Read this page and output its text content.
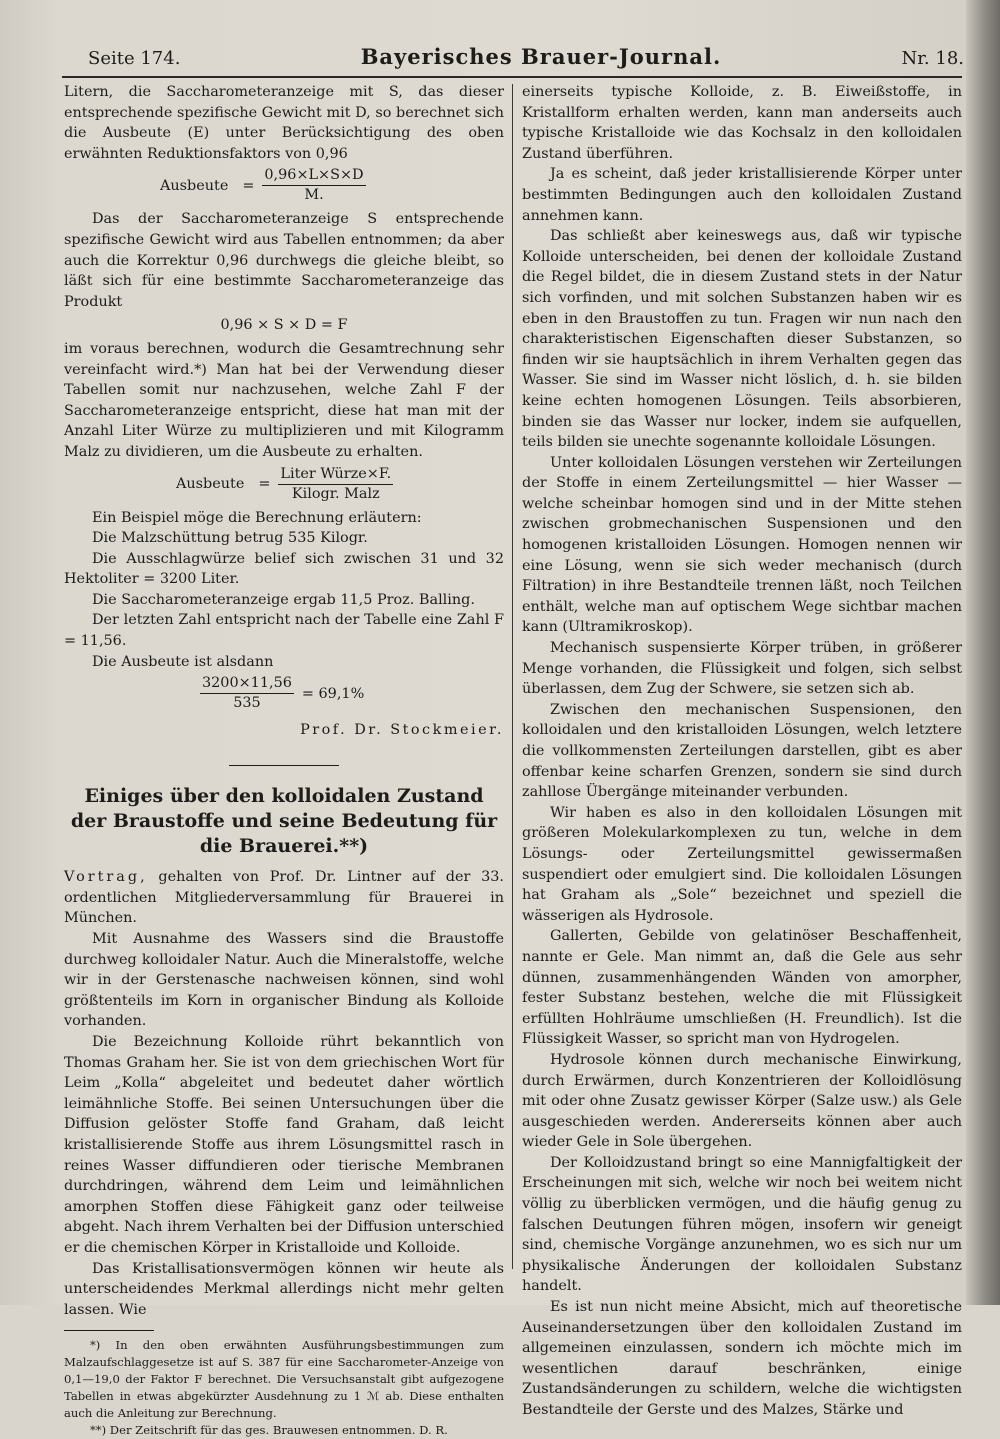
Seite 174.	Bayerisches Brauer-Journal.	Nr. 18.

Litern, die Saccharometeranzeige mit S, das dieser entsprechende spezifische Gewicht mit D, so berechnet sich die Ausbeute (E) unter Berücksichtigung des oben erwähnten Reduktionsfaktors von 0,96

Ausbeute = $\frac{0,96\times L\times S\times D}{M.}$

Das der Saccharometeranzeige S entsprechende spezifische Gewicht wird aus Tabellen entnommen; da aber auch die Korrektur 0,96 durchwegs die gleiche bleibt, so läßt sich für eine bestimmte Saccharometeranzeige das Produkt

0,96 × S × D = F

im voraus berechnen, wodurch die Gesamtrechnung sehr vereinfacht wird.*) Man hat bei der Verwendung dieser Tabellen somit nur nachzusehen, welche Zahl F der Saccharometeranzeige entspricht, diese hat man mit der Anzahl Liter Würze zu multiplizieren und mit Kilogramm Malz zu dividieren, um die Ausbeute zu erhalten.

Ausbeute = $\frac{\text{Liter Würze×F.}}{\text{Kilogr. Malz}}$

Ein Beispiel möge die Berechnung erläutern:

Die Malzschüttung betrug 535 Kilogr.

Die Ausschlagwürze belief sich zwischen 31 und 32 Hektoliter = 3200 Liter.

Die Saccharometeranzeige ergab 11,5 Proz. Balling.

Der letzten Zahl entspricht nach der Tabelle eine Zahl F = 11,56.

Die Ausbeute ist alsdann

$\frac{3200\times 11,56}{535} = 69,1\%$
Prof. Dr. Stockmeier.
Einiges über den kolloidalen Zustand der Braustoffe und seine Bedeutung für die Brauerei.**)

Vortrag, gehalten von Prof. Dr. Lintner auf der 33. ordentlichen Mitgliederversammlung für Brauerei in München.

Mit Ausnahme des Wassers sind die Braustoffe durchweg kolloidaler Natur. Auch die Mineralstoffe, welche wir in der Gerstenasche nachweisen können, sind wohl größtenteils im Korn in organischer Bindung als Kolloide vorhanden.

Die Bezeichnung Kolloide rührt bekanntlich von Thomas Graham her. Sie ist von dem griechischen Wort für Leim „Kolla“ abgeleitet und bedeutet daher wörtlich leimähnliche Stoffe. Bei seinen Untersuchungen über die Diffusion gelöster Stoffe fand Graham, daß leicht kristallisierende Stoffe aus ihrem Lösungsmittel rasch in reines Wasser diffundieren oder tierische Membranen durchdringen, während dem Leim und leimähnlichen amorphen Stoffen diese Fähigkeit ganz oder teilweise abgeht. Nach ihrem Verhalten bei der Diffusion unterschied er die chemischen Körper in Kristalloide und Kolloide.

Das Kristallisationsvermögen können wir heute als unterscheidendes Merkmal allerdings nicht mehr gelten lassen. Wie

*) In den oben erwähnten Ausführungsbestimmungen zum Malzaufschlaggesetze ist auf S. 387 für eine Saccharometer-Anzeige von 0,1—19,0 der Faktor F berechnet. Die Versuchsanstalt gibt aufgezogene Tabellen in etwas abgekürzter Ausdehnung zu 1 ℳ ab. Diese enthalten auch die Anleitung zur Berechnung.

**) Der Zeitschrift für das ges. Brauwesen entnommen. D. R.

einerseits typische Kolloide, z. B. Eiweißstoffe, in Kristallform erhalten werden, kann man anderseits auch typische Kristalloide wie das Kochsalz in den kolloidalen Zustand überführen.

Ja es scheint, daß jeder kristallisierende Körper unter bestimmten Bedingungen auch den kolloidalen Zustand annehmen kann.

Das schließt aber keineswegs aus, daß wir typische Kolloide unterscheiden, bei denen der kolloidale Zustand die Regel bildet, die in diesem Zustand stets in der Natur sich vorfinden, und mit solchen Substanzen haben wir es eben in den Braustoffen zu tun. Fragen wir nun nach den charakteristischen Eigenschaften dieser Substanzen, so finden wir sie hauptsächlich in ihrem Verhalten gegen das Wasser. Sie sind im Wasser nicht löslich, d. h. sie bilden keine echten homogenen Lösungen. Teils absorbieren, binden sie das Wasser nur locker, indem sie aufquellen, teils bilden sie unechte sogenannte kolloidale Lösungen.

Unter kolloidalen Lösungen verstehen wir Zerteilungen der Stoffe in einem Zerteilungsmittel — hier Wasser — welche scheinbar homogen sind und in der Mitte stehen zwischen grobmechanischen Suspensionen und den homogenen kristalloiden Lösungen. Homogen nennen wir eine Lösung, wenn sie sich weder mechanisch (durch Filtration) in ihre Bestandteile trennen läßt, noch Teilchen enthält, welche man auf optischem Wege sichtbar machen kann (Ultramikroskop).

Mechanisch suspensierte Körper trüben, in größerer Menge vorhanden, die Flüssigkeit und folgen, sich selbst überlassen, dem Zug der Schwere, sie setzen sich ab.

Zwischen den mechanischen Suspensionen, den kolloidalen und den kristalloiden Lösungen, welch letztere die vollkommensten Zerteilungen darstellen, gibt es aber offenbar keine scharfen Grenzen, sondern sie sind durch zahllose Übergänge miteinander verbunden.

Wir haben es also in den kolloidalen Lösungen mit größeren Molekularkomplexen zu tun, welche in dem Lösungs- oder Zerteilungsmittel gewissermaßen suspendiert oder emulgiert sind. Die kolloidalen Lösungen hat Graham als „Sole“ bezeichnet und speziell die wässerigen als Hydrosole.

Gallerten, Gebilde von gelatinöser Beschaffenheit, nannte er Gele. Man nimmt an, daß die Gele aus sehr dünnen, zusammenhängenden Wänden von amorpher, fester Substanz bestehen, welche die mit Flüssigkeit erfüllten Hohlräume umschließen (H. Freundlich). Ist die Flüssigkeit Wasser, so spricht man von Hydrogelen.

Hydrosole können durch mechanische Einwirkung, durch Erwärmen, durch Konzentrieren der Kolloidlösung mit oder ohne Zusatz gewisser Körper (Salze usw.) als Gele ausgeschieden werden. Andererseits können aber auch wieder Gele in Sole übergehen.

Der Kolloidzustand bringt so eine Mannigfaltigkeit der Erscheinungen mit sich, welche wir noch bei weitem nicht völlig zu überblicken vermögen, und die häufig genug zu falschen Deutungen führen mögen, insofern wir geneigt sind, chemische Vorgänge anzunehmen, wo es sich nur um physikalische Änderungen der kolloidalen Substanz handelt.

Es ist nun nicht meine Absicht, mich auf theoretische Auseinandersetzungen über den kolloidalen Zustand im allgemeinen einzulassen, sondern ich möchte mich im wesentlichen darauf beschränken, einige Zustandsänderungen zu schildern, welche die wichtigsten Bestandteile der Gerste und des Malzes, Stärke und
